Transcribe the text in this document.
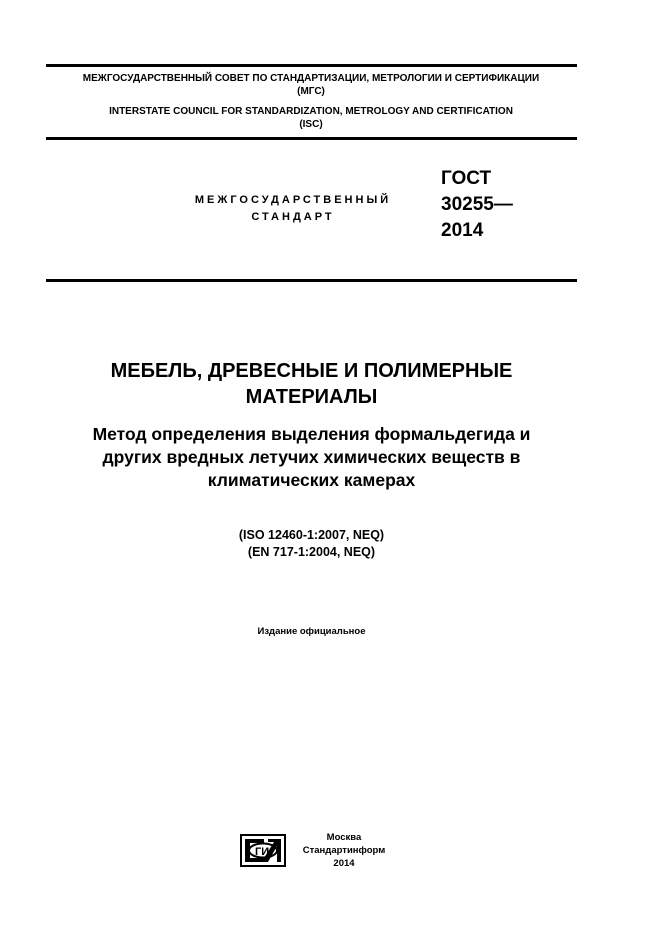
МЕЖГОСУДАРСТВЕННЫЙ СОВЕТ ПО СТАНДАРТИЗАЦИИ, МЕТРОЛОГИИ И СЕРТИФИКАЦИИ
(МГС)
INTERSTATE COUNCIL FOR STANDARDIZATION, METROLOGY AND CERTIFICATION
(ISC)
МЕЖГОСУДАРСТВЕННЫЙ
СТАНДАРТ
ГОСТ
30255—
2014
МЕБЕЛЬ, ДРЕВЕСНЫЕ И ПОЛИМЕРНЫЕ
МАТЕРИАЛЫ
Метод определения выделения формальдегида и
других вредных летучих химических веществ в
климатических камерах
(ISO 12460-1:2007, NEQ)
(EN 717-1:2004, NEQ)
Издание официальное
ГИ
Москва
Стандартинформ
2014
